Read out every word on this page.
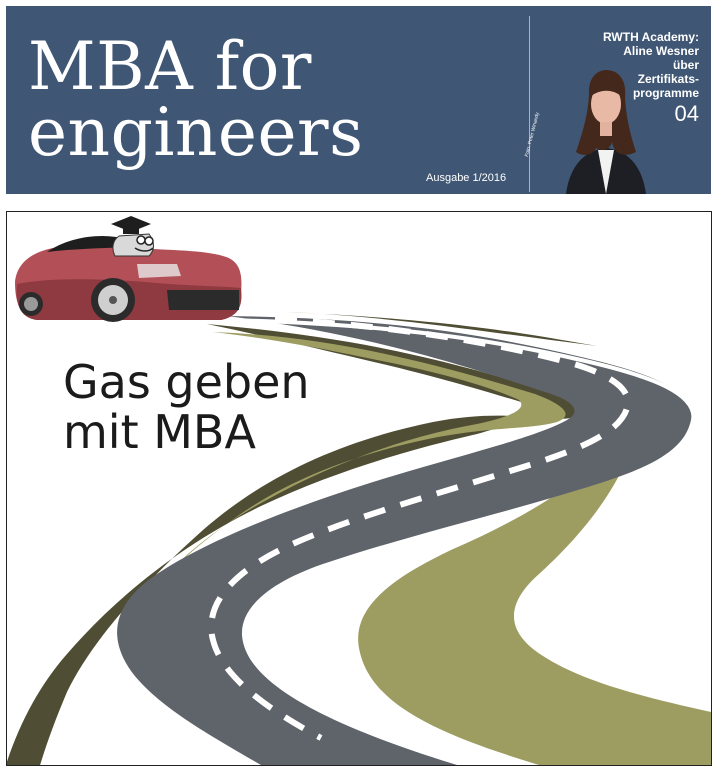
MBA for
engineers
Ausgabe 1/2016
RWTH Academy:
Aline Wesner
über
Zertifikats-
programme
04
Foto: Peter Winandy
Gas geben
mit MBA
